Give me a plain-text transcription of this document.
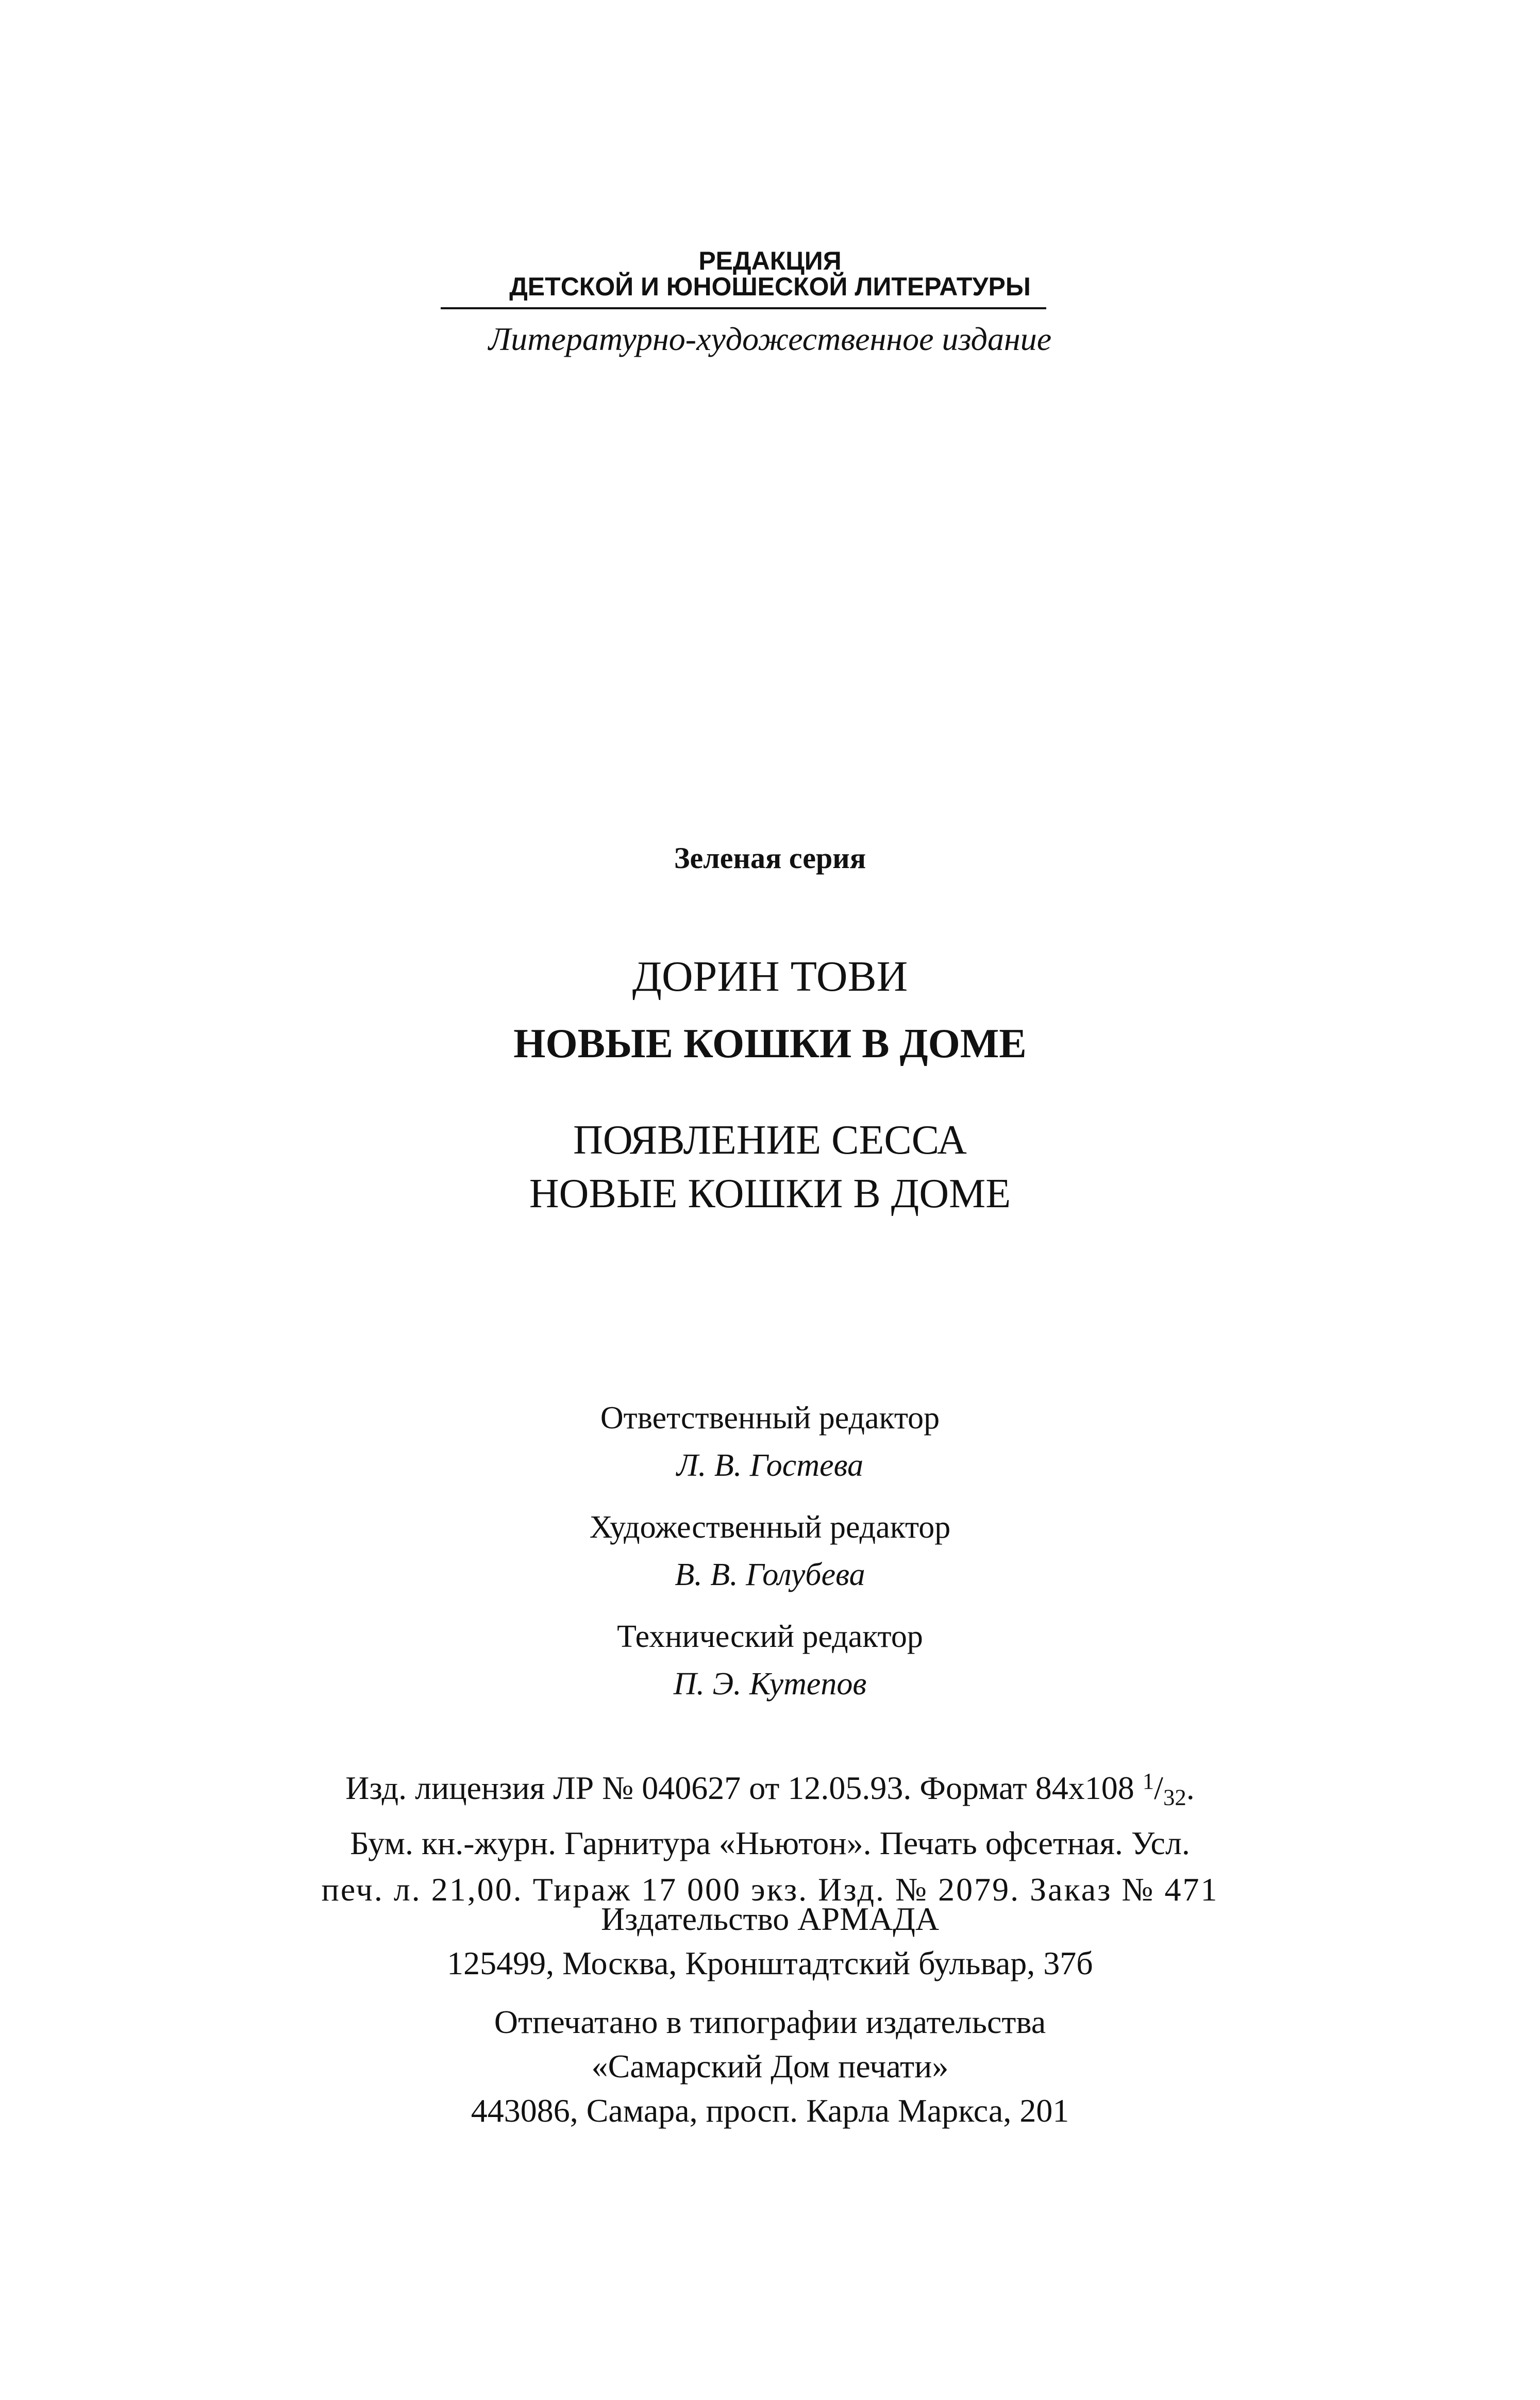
РЕДАКЦИЯ
ДЕТСКОЙ И ЮНОШЕСКОЙ ЛИТЕРАТУРЫ
Литературно-художественное издание
Зеленая серия
ДОРИН ТОВИ
НОВЫЕ КОШКИ В ДОМЕ
ПОЯВЛЕНИЕ СЕССА
НОВЫЕ КОШКИ В ДОМЕ
Ответственный редактор
Л. В. Гостева
Художественный редактор
В. В. Голубева
Технический редактор
П. Э. Кутепов
Изд. лицензия ЛР № 040627 от 12.05.93. Формат 84x108 $^1/_{32}$.
Бум. кн.-журн. Гарнитура «Ньютон». Печать офсетная. Усл.
печ. л. 21,00. Тираж 17 000 экз. Изд. № 2079. Заказ № 471
Издательство АРМАДА
125499, Москва, Кронштадтский бульвар, 37б
Отпечатано в типографии издательства
«Самарский Дом печати»
443086, Самара, просп. Карла Маркса, 201
